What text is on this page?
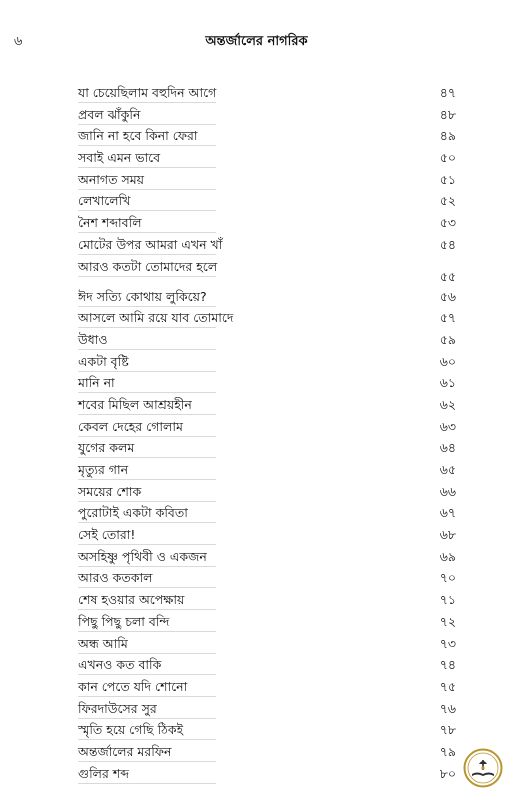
৬	অন্তর্জালের নাগরিক
যা চেয়েছিলাম বহুদিন আগে	৪৭
প্রবল ঝাঁকুনি	৪৮
জানি না হবে কিনা ফেরা	৪৯
সবাই এমন ভাবে	৫০
অনাগত সময়	৫১
লেখালেখি	৫২
নৈশ শব্দাবলি	৫৩
মোটের উপর আমরা এখন খাঁ	৫৪
আরও কতটা তোমাদের হলে
৫৫
ঈদ সত্যি কোথায় লুকিয়ে?	৫৬
আসলে আমি রয়ে যাব তোমাদে	৫৭
উধাও	৫৯
একটা বৃষ্টি	৬০
মানি না	৬১
শবের মিছিল আশ্রয়হীন	৬২
কেবল দেহের গোলাম	৬৩
যুগের কলম	৬৪
মৃত্যুর গান	৬৫
সময়ের শোক	৬৬
পুরোটাই একটা কবিতা	৬৭
সেই তোরা!	৬৮
অসহিষ্ণু পৃথিবী ও একজন	৬৯
আরও কতকাল	৭০
শেষ হওয়ার অপেক্ষায়	৭১
পিছু পিছু চলা বন্দি	৭২
অন্ধ আমি	৭৩
এখনও কত বাকি	৭৪
কান পেতে যদি শোনো	৭৫
ফিরদাউসের সুর	৭৬
স্মৃতি হয়ে গেছি ঠিকই	৭৮
অন্তর্জালের মরফিন	৭৯
গুলির শব্দ	৮০
